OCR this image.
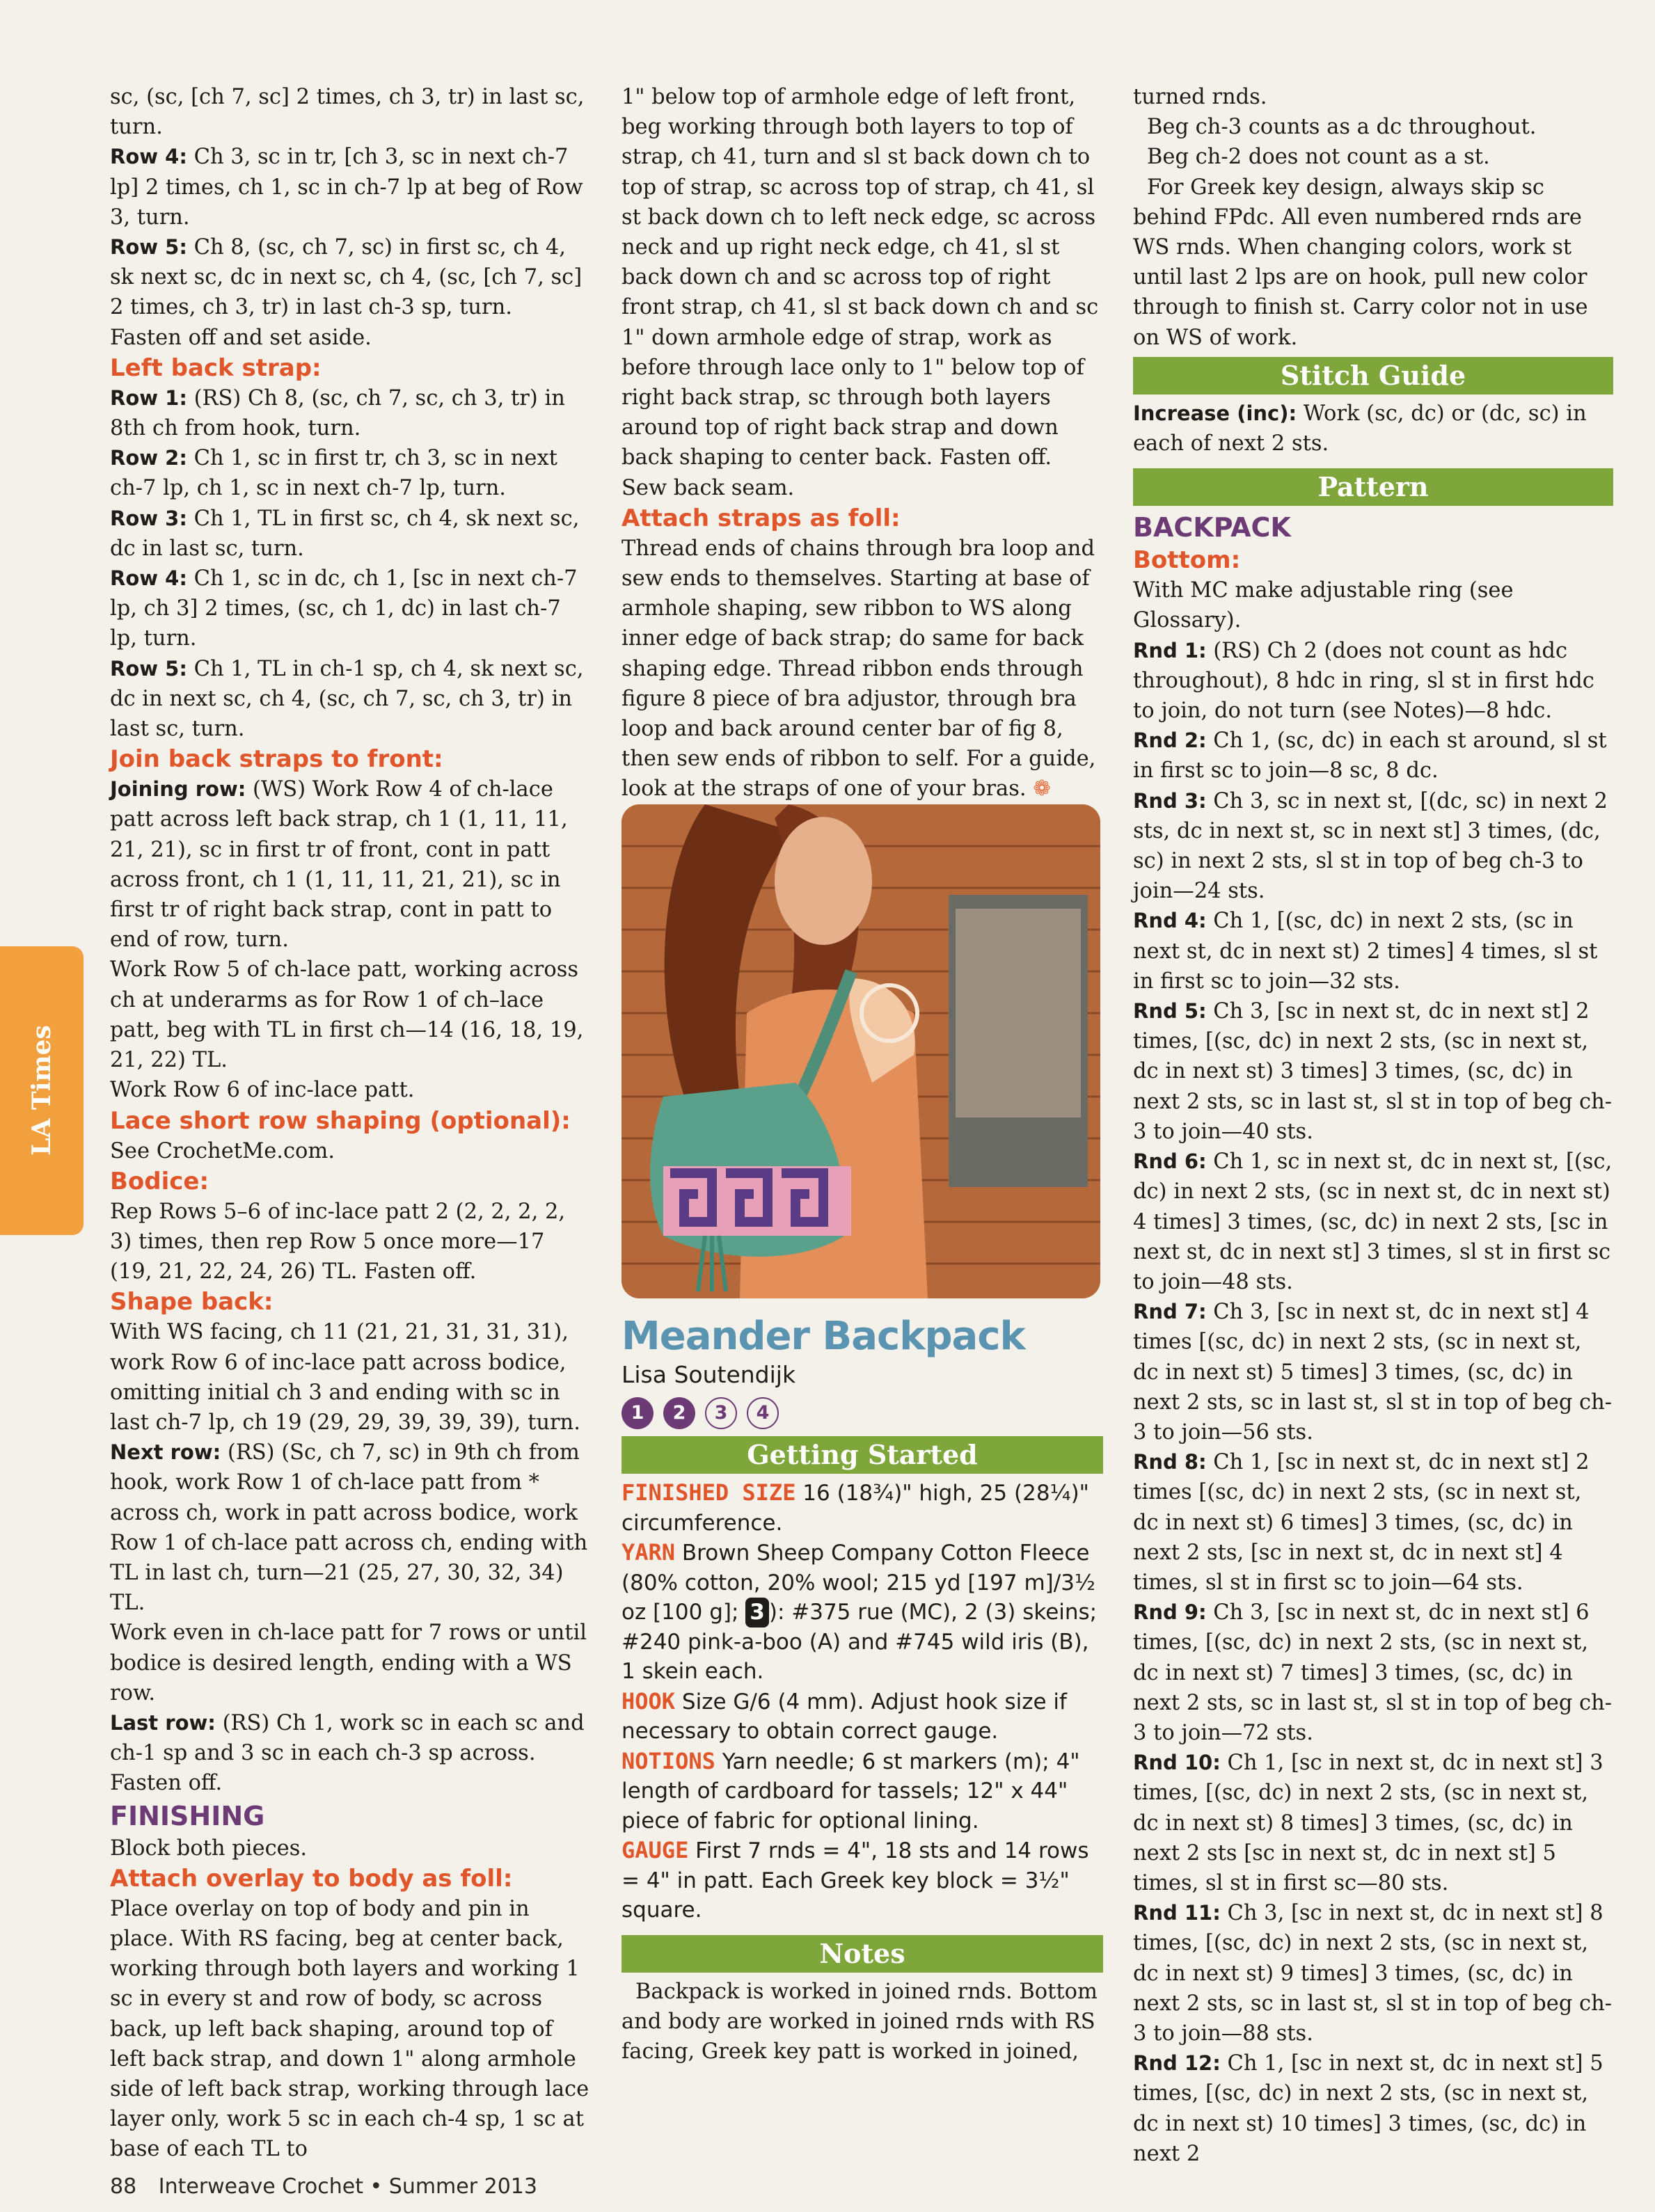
LA Times

sc, (sc, [ch 7, sc] 2 times, ch 3, tr) in last sc, turn.

Row 4: Ch 3, sc in tr, [ch 3, sc in next ch-7 lp] 2 times, ch 1, sc in ch-7 lp at beg of Row 3, turn.

Row 5: Ch 8, (sc, ch 7, sc) in first sc, ch 4, sk next sc, dc in next sc, ch 4, (sc, [ch 7, sc] 2 times, ch 3, tr) in last ch-3 sp, turn. Fasten off and set aside.

Left back strap:

Row 1: (RS) Ch 8, (sc, ch 7, sc, ch 3, tr) in 8th ch from hook, turn.

Row 2: Ch 1, sc in first tr, ch 3, sc in next ch-7 lp, ch 1, sc in next ch-7 lp, turn.

Row 3: Ch 1, TL in first sc, ch 4, sk next sc, dc in last sc, turn.

Row 4: Ch 1, sc in dc, ch 1, [sc in next ch-7 lp, ch 3] 2 times, (sc, ch 1, dc) in last ch-7 lp, turn.

Row 5: Ch 1, TL in ch-1 sp, ch 4, sk next sc, dc in next sc, ch 4, (sc, ch 7, sc, ch 3, tr) in last sc, turn.

Join back straps to front:

Joining row: (WS) Work Row 4 of ch-lace patt across left back strap, ch 1 (1, 11, 11, 21, 21), sc in first tr of front, cont in patt across front, ch 1 (1, 11, 11, 21, 21), sc in first tr of right back strap, cont in patt to end of row, turn.

Work Row 5 of ch-lace patt, working across ch at underarms as for Row 1 of ch–lace patt, beg with TL in first ch—14 (16, 18, 19, 21, 22) TL.

Work Row 6 of inc-lace patt.

Lace short row shaping (optional):

See CrochetMe.com.

Bodice:

Rep Rows 5–6 of inc-lace patt 2 (2, 2, 2, 2, 3) times, then rep Row 5 once more—17 (19, 21, 22, 24, 26) TL. Fasten off.

Shape back:

With WS facing, ch 11 (21, 21, 31, 31, 31), work Row 6 of inc-lace patt across bodice, omitting initial ch 3 and ending with sc in last ch-7 lp, ch 19 (29, 29, 39, 39, 39), turn.

Next row: (RS) (Sc, ch 7, sc) in 9th ch from hook, work Row 1 of ch-lace patt from * across ch, work in patt across bodice, work Row 1 of ch-lace patt across ch, ending with TL in last ch, turn—21 (25, 27, 30, 32, 34) TL.

Work even in ch-lace patt for 7 rows or until bodice is desired length, ending with a WS row.

Last row: (RS) Ch 1, work sc in each sc and ch-1 sp and 3 sc in each ch-3 sp across. Fasten off.

FINISHING

Block both pieces.

Attach overlay to body as foll:

Place overlay on top of body and pin in place. With RS facing, beg at center back, working through both layers and working 1 sc in every st and row of body, sc across back, up left back shaping, around top of left back strap, and down 1" along armhole side of left back strap, working through lace layer only, work 5 sc in each ch-4 sp, 1 sc at base of each TL to

1" below top of armhole edge of left front, beg working through both layers to top of strap, ch 41, turn and sl st back down ch to top of strap, sc across top of strap, ch 41, sl st back down ch to left neck edge, sc across neck and up right neck edge, ch 41, sl st back down ch and sc across top of right front strap, ch 41, sl st back down ch and sc 1" down armhole edge of strap, work as before through lace only to 1" below top of right back strap, sc through both layers around top of right back strap and down back shaping to center back. Fasten off.

Sew back seam.

Attach straps as foll:

Thread ends of chains through bra loop and sew ends to themselves. Starting at base of armhole shaping, sew ribbon to WS along inner edge of back strap; do same for back shaping edge. Thread ribbon ends through figure 8 piece of bra adjustor, through bra loop and back around center bar of fig 8, then sew ends of ribbon to self. For a guide, look at the straps of one of your bras. ❁

Meander Backpack

Lisa Soutendijk

1 2 3 4
Getting Started

FINISHED SIZE 16 (18¾)" high, 25 (28¼)" circumference.

YARN Brown Sheep Company Cotton Fleece (80% cotton, 20% wool; 215 yd [197 m]/3½ oz [100 g]; 3 ): #375 rue (MC), 2 (3) skeins; #240 pink-a-boo (A) and #745 wild iris (B), 1 skein each.

HOOK Size G/6 (4 mm). Adjust hook size if necessary to obtain correct gauge.

NOTIONS Yarn needle; 6 st markers (m); 4" length of cardboard for tassels; 12" x 44" piece of fabric for optional lining.

GAUGE First 7 rnds = 4", 18 sts and 14 rows = 4" in patt. Each Greek key block = 3½" square.

Notes

Backpack is worked in joined rnds. Bottom and body are worked in joined rnds with RS facing, Greek key patt is worked in joined,

turned rnds.

Beg ch-3 counts as a dc throughout.

Beg ch-2 does not count as a st.

For Greek key design, always skip sc behind FPdc. All even numbered rnds are WS rnds. When changing colors, work st until last 2 lps are on hook, pull new color through to finish st. Carry color not in use on WS of work.

Stitch Guide

Increase (inc): Work (sc, dc) or (dc, sc) in each of next 2 sts.

Pattern

BACKPACK

Bottom:

With MC make adjustable ring (see Glossary).

Rnd 1: (RS) Ch 2 (does not count as hdc throughout), 8 hdc in ring, sl st in first hdc to join, do not turn (see Notes)—8 hdc.

Rnd 2: Ch 1, (sc, dc) in each st around, sl st in first sc to join—8 sc, 8 dc.

Rnd 3: Ch 3, sc in next st, [(dc, sc) in next 2 sts, dc in next st, sc in next st] 3 times, (dc, sc) in next 2 sts, sl st in top of beg ch-3 to join—24 sts.

Rnd 4: Ch 1, [(sc, dc) in next 2 sts, (sc in next st, dc in next st) 2 times] 4 times, sl st in first sc to join—32 sts.

Rnd 5: Ch 3, [sc in next st, dc in next st] 2 times, [(sc, dc) in next 2 sts, (sc in next st, dc in next st) 3 times] 3 times, (sc, dc) in next 2 sts, sc in last st, sl st in top of beg ch-3 to join—40 sts.

Rnd 6: Ch 1, sc in next st, dc in next st, [(sc, dc) in next 2 sts, (sc in next st, dc in next st) 4 times] 3 times, (sc, dc) in next 2 sts, [sc in next st, dc in next st] 3 times, sl st in first sc to join—48 sts.

Rnd 7: Ch 3, [sc in next st, dc in next st] 4 times [(sc, dc) in next 2 sts, (sc in next st, dc in next st) 5 times] 3 times, (sc, dc) in next 2 sts, sc in last st, sl st in top of beg ch-3 to join—56 sts.

Rnd 8: Ch 1, [sc in next st, dc in next st] 2 times [(sc, dc) in next 2 sts, (sc in next st, dc in next st) 6 times] 3 times, (sc, dc) in next 2 sts, [sc in next st, dc in next st] 4 times, sl st in first sc to join—64 sts.

Rnd 9: Ch 3, [sc in next st, dc in next st] 6 times, [(sc, dc) in next 2 sts, (sc in next st, dc in next st) 7 times] 3 times, (sc, dc) in next 2 sts, sc in last st, sl st in top of beg ch-3 to join—72 sts.

Rnd 10: Ch 1, [sc in next st, dc in next st] 3 times, [(sc, dc) in next 2 sts, (sc in next st, dc in next st) 8 times] 3 times, (sc, dc) in next 2 sts [sc in next st, dc in next st] 5 times, sl st in first sc—80 sts.

Rnd 11: Ch 3, [sc in next st, dc in next st] 8 times, [(sc, dc) in next 2 sts, (sc in next st, dc in next st) 9 times] 3 times, (sc, dc) in next 2 sts, sc in last st, sl st in top of beg ch-3 to join—88 sts.

Rnd 12: Ch 1, [sc in next st, dc in next st] 5 times, [(sc, dc) in next 2 sts, (sc in next st, dc in next st) 10 times] 3 times, (sc, dc) in next 2

88 Interweave Crochet • Summer 2013
